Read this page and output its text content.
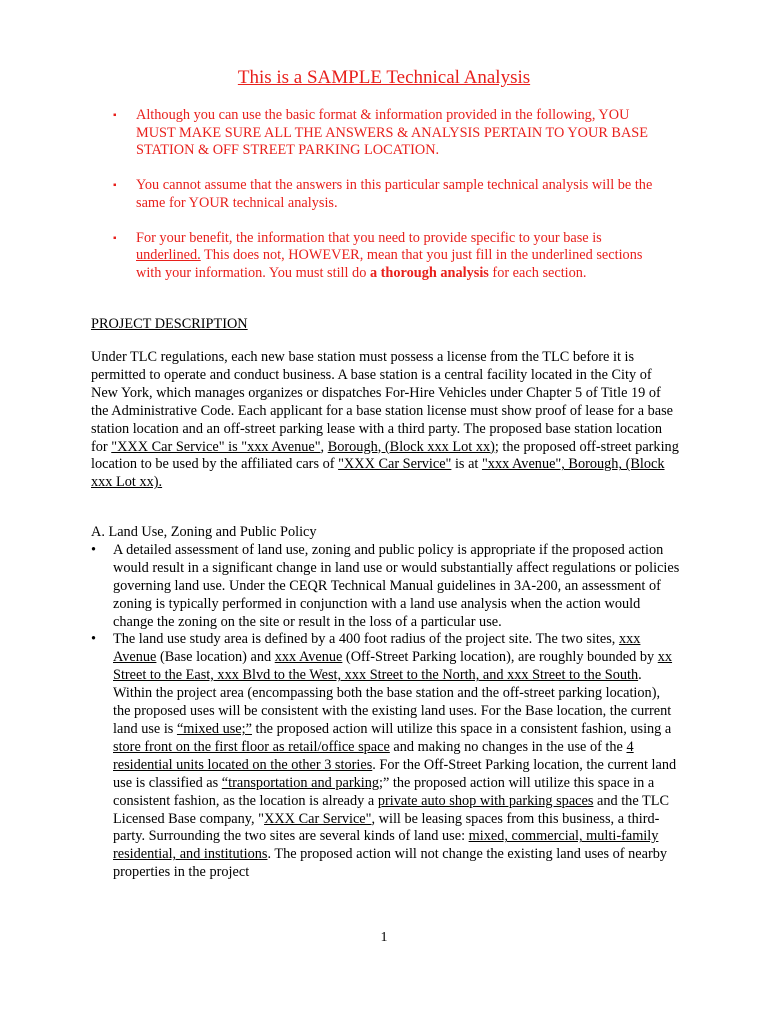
This is a SAMPLE Technical Analysis
▪ Although you can use the basic format & information provided in the following, YOU MUST MAKE SURE ALL THE ANSWERS & ANALYSIS PERTAIN TO YOUR BASE STATION & OFF STREET PARKING LOCATION.
▪ You cannot assume that the answers in this particular sample technical analysis will be the same for YOUR technical analysis.
▪ For your benefit, the information that you need to provide specific to your base is underlined. This does not, HOWEVER, mean that you just fill in the underlined sections with your information. You must still do a thorough analysis for each section.
PROJECT DESCRIPTION

Under TLC regulations, each new base station must possess a license from the TLC before it is permitted to operate and conduct business. A base station is a central facility located in the City of New York, which manages organizes or dispatches For-Hire Vehicles under Chapter 5 of Title 19 of the Administrative Code. Each applicant for a base station license must show proof of lease for a base station location and an off-street parking lease with a third party. The proposed base station location for "XXX Car Service" is "xxx Avenue", Borough, (Block xxx Lot xx); the proposed off-street parking location to be used by the affiliated cars of "XXX Car Service" is at "xxx Avenue", Borough, (Block xxx Lot xx).

A. Land Use, Zoning and Public Policy
• A detailed assessment of land use, zoning and public policy is appropriate if the proposed action would result in a significant change in land use or would substantially affect regulations or policies governing land use. Under the CEQR Technical Manual guidelines in 3A-200, an assessment of zoning is typically performed in conjunction with a land use analysis when the action would change the zoning on the site or result in the loss of a particular use.
• The land use study area is defined by a 400 foot radius of the project site. The two sites, xxx Avenue (Base location) and xxx Avenue (Off-Street Parking location), are roughly bounded by xx Street to the East, xxx Blvd to the West, xxx Street to the North, and xxx Street to the South. Within the project area (encompassing both the base station and the off-street parking location), the proposed uses will be consistent with the existing land uses. For the Base location, the current land use is “mixed use;” the proposed action will utilize this space in a consistent fashion, using a store front on the first floor as retail/office space and making no changes in the use of the 4 residential units located on the other 3 stories. For the Off-Street Parking location, the current land use is classified as “transportation and parking;” the proposed action will utilize this space in a consistent fashion, as the location is already a private auto shop with parking spaces and the TLC Licensed Base company, "XXX Car Service", will be leasing spaces from this business, a third-party. Surrounding the two sites are several kinds of land use: mixed, commercial, multi-family residential, and institutions. The proposed action will not change the existing land uses of nearby properties in the project
1
